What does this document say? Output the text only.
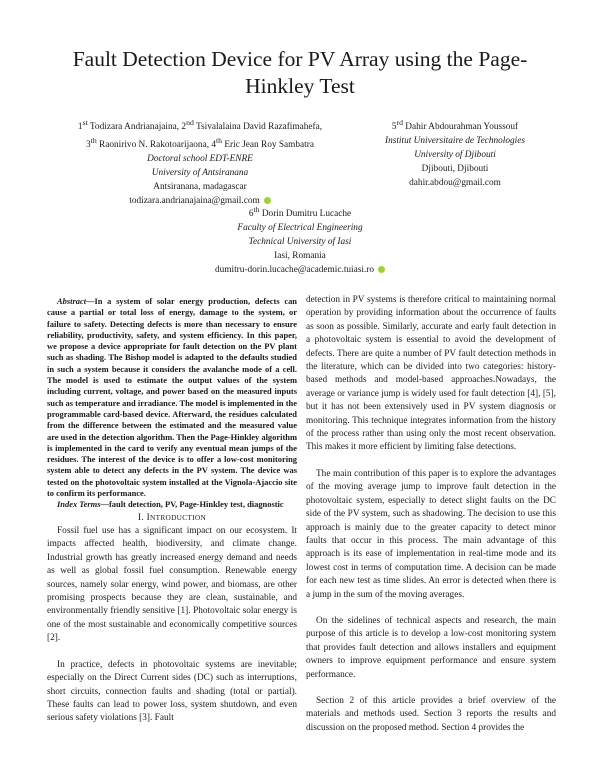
Fault Detection Device for PV Array using the Page-Hinkley Test
1st Todizara Andrianajaina, 2nd Tsivalalaina David Razafimahefa,
3th Raonirivo N. Rakotoarijaona, 4th Eric Jean Roy Sambatra
Doctoral school EDT-ENRE
University of Antsiranana
Antsiranana, madagascar
todizara.andrianajaina@gmail.com
5rd Dahir Abdourahman Youssouf
Institut Universitaire de Technologies
University of Djibouti
Djibouti, Djibouti
dahir.abdou@gmail.com
6th Dorin Dumitru Lucache
Faculty of Electrical Engineering
Technical University of Iasi
Iasi, Romania
dumitru-dorin.lucache@academic.tuiasi.ro

Abstract—In a system of solar energy production, defects can cause a partial or total loss of energy, damage to the system, or failure to safety. Detecting defects is more than necessary to ensure reliability, productivity, safety, and system efficiency. In this paper, we propose a device appropriate for fault detection on the PV plant such as shading. The Bishop model is adapted to the defaults studied in such a system because it considers the avalanche mode of a cell. The model is used to estimate the output values of the system including current, voltage, and power based on the measured inputs such as temperature and irradiance. The model is implemented in the programmable card-based device. Afterward, the residues calculated from the difference between the estimated and the measured value are used in the detection algorithm. Then the Page-Hinkley algorithm is implemented in the card to verify any eventual mean jumps of the residues. The interest of the device is to offer a low-cost monitoring system able to detect any defects in the PV system. The device was tested on the photovoltaic system installed at the Vignola-Ajaccio site to confirm its performance.

Index Terms—fault detection, PV, Page-Hinkley test, diagnostic

I. INTRODUCTION

Fossil fuel use has a significant impact on our ecosystem. It impacts affected health, biodiversity, and climate change. Industrial growth has greatly increased energy demand and needs as well as global fossil fuel consumption. Renewable energy sources, namely solar energy, wind power, and biomass, are other promising prospects because they are clean, sustainable, and environmentally friendly sensitive [1]. Photovoltaic solar energy is one of the most sustainable and economically competitive sources [2].

In practice, defects in photovoltaic systems are inevitable; especially on the Direct Current sides (DC) such as interruptions, short circuits, connection faults and shading (total or partial). These faults can lead to power loss, system shutdown, and even serious safety violations [3]. Fault

detection in PV systems is therefore critical to maintaining normal operation by providing information about the occurrence of faults as soon as possible. Similarly, accurate and early fault detection in a photovoltaic system is essential to avoid the development of defects. There are quite a number of PV fault detection methods in the literature, which can be divided into two categories: history-based methods and model-based approaches.Nowadays, the average or variance jump is widely used for fault detection [4], [5], but it has not been extensively used in PV system diagnosis or monitoring. This technique integrates information from the history of the process rather than using only the most recent observation. This makes it more efficient by limiting false detections.

The main contribution of this paper is to explore the advantages of the moving average jump to improve fault detection in the photovoltaic system, especially to detect slight faults on the DC side of the PV system, such as shadowing. The decision to use this approach is mainly due to the greater capacity to detect minor faults that occur in this process. The main advantage of this approach is its ease of implementation in real-time mode and its lowest cost in terms of computation time. A decision can be made for each new test as time slides. An error is detected when there is a jump in the sum of the moving averages.

On the sidelines of technical aspects and research, the main purpose of this article is to develop a low-cost monitoring system that provides fault detection and allows installers and equipment owners to improve equipment performance and ensure system performance.

Section 2 of this article provides a brief overview of the materials and methods used. Section 3 reports the results and discussion on the proposed method. Section 4 provides the
